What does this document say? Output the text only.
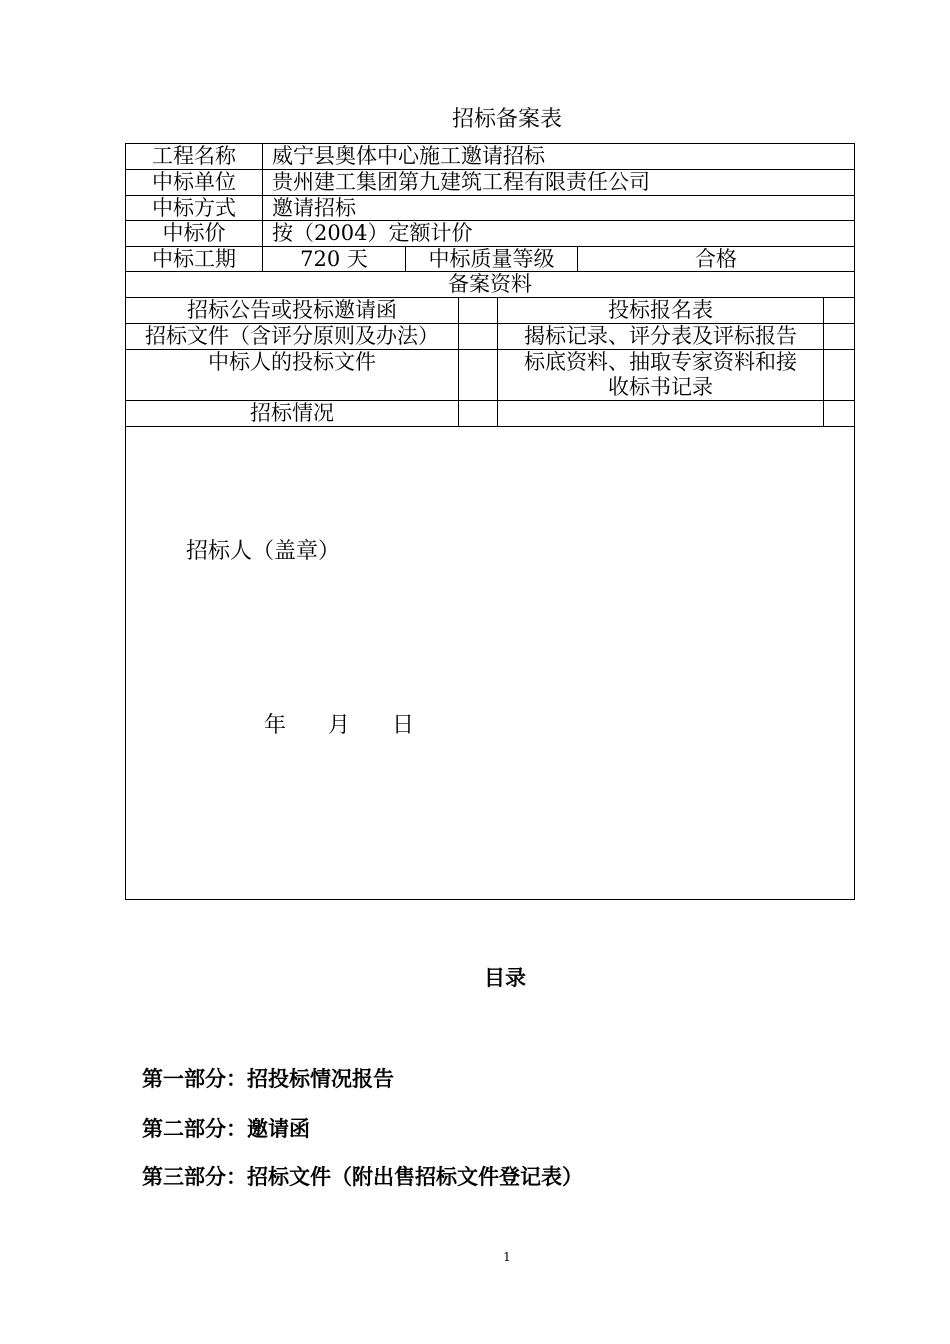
招标备案表
工程名称	威宁县奥体中心施工邀请招标
中标单位	贵州建工集团第九建筑工程有限责任公司
中标方式	邀请招标
中标价	按（2004）定额计价
中标工期	720 天	中标质量等级	合格
备案资料
招标公告或投标邀请函	投标报名表
招标文件（含评分原则及办法）	揭标记录、评分表及评标报告
中标人的投标文件	标底资料、抽取专家资料和接
收标书记录
招标情况
招标人（盖章）
年 月 日
目录
第一部分：招投标情况报告
第二部分：邀请函
第三部分：招标文件（附出售招标文件登记表）
1
